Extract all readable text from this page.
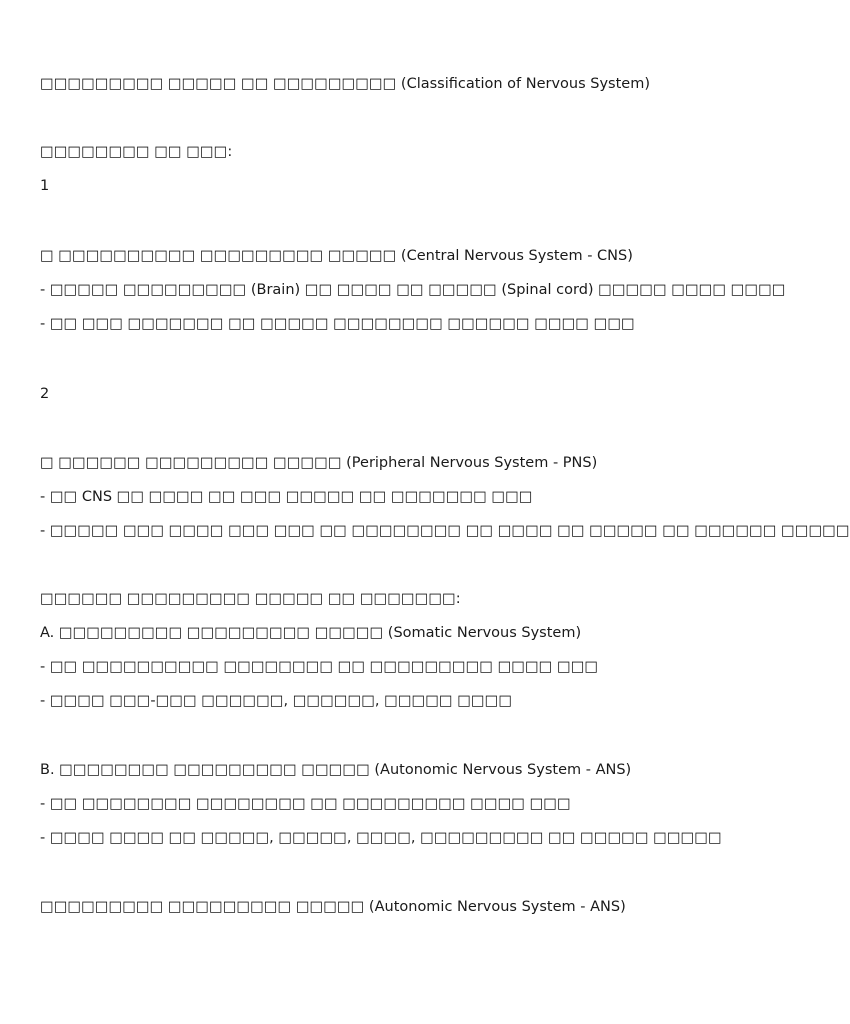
□□□□□□□□□ □□□□□ □□ □□□□□□□□□ (Classification of Nervous System)
□□□□□□□□ □□ □□□:
1
□ □□□□□□□□□□ □□□□□□□□□ □□□□□ (Central Nervous System - CNS)
- □□□□□ □□□□□□□□□ (Brain) □□ □□□□ □□ □□□□□ (Spinal cord) □□□□□ □□□□ □□□□
- □□ □□□ □□□□□□□ □□ □□□□□ □□□□□□□□ □□□□□□ □□□□ □□□
2
□ □□□□□□ □□□□□□□□□ □□□□□ (Peripheral Nervous System - PNS)
- □□ CNS □□ □□□□ □□ □□□ □□□□□ □□ □□□□□□□ □□□
- □□□□□ □□□ □□□□ □□□ □□□ □□ □□□□□□□□ □□ □□□□ □□ □□□□□ □□ □□□□□□ □□□□□
□□□□□□ □□□□□□□□□ □□□□□ □□ □□□□□□□:
A. □□□□□□□□□ □□□□□□□□□ □□□□□ (Somatic Nervous System)
- □□ □□□□□□□□□□ □□□□□□□□ □□ □□□□□□□□□ □□□□ □□□
- □□□□ □□□-□□□ □□□□□□, □□□□□□, □□□□□ □□□□
B. □□□□□□□□ □□□□□□□□□ □□□□□ (Autonomic Nervous System - ANS)
- □□ □□□□□□□□ □□□□□□□□ □□ □□□□□□□□□ □□□□ □□□
- □□□□ □□□□ □□ □□□□□, □□□□□, □□□□, □□□□□□□□□ □□ □□□□□ □□□□□
□□□□□□□□□ □□□□□□□□□ □□□□□ (Autonomic Nervous System - ANS)
